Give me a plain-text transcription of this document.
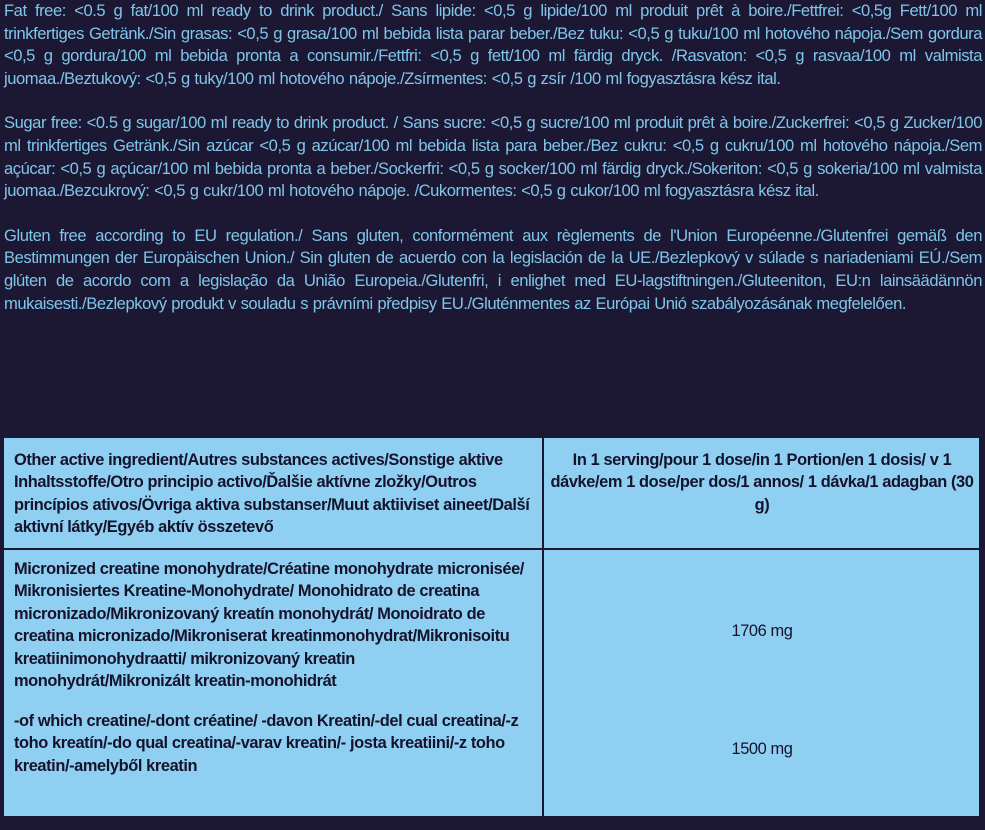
Fat free: <0.5 g fat/100 ml ready to drink product./ Sans lipide: <0,5 g lipide/100 ml produit prêt à boire./Fettfrei: <0,5g Fett/100 ml trinkfertiges Getränk./Sin grasas: <0,5 g grasa/100 ml bebida lista parar beber./Bez tuku: <0,5 g tuku/100 ml hotového nápoja./Sem gordura <0,5 g gordura/100 ml bebida pronta a consumir./Fettfri: <0,5 g fett/100 ml färdig dryck. /Rasvaton: <0,5 g rasvaa/100 ml valmista juomaa./Beztukový: <0,5 g tuky/100 ml hotového nápoje./Zsírmentes: <0,5 g zsír /100 ml fogyasztásra kész ital.

Sugar free: <0.5 g sugar/100 ml ready to drink product. / Sans sucre: <0,5 g sucre/100 ml produit prêt à boire./Zuckerfrei: <0,5 g Zucker/100 ml trinkfertiges Getränk./Sin azúcar <0,5 g azúcar/100 ml bebida lista para beber./Bez cukru: <0,5 g cukru/100 ml hotového nápoja./Sem açúcar: <0,5 g açúcar/100 ml bebida pronta a beber./Sockerfri: <0,5 g socker/100 ml färdig dryck./Sokeriton: <0,5 g sokeria/100 ml valmista juomaa./Bezcukrový: <0,5 g cukr/100 ml hotového nápoje. /Cukormentes: <0,5 g cukor/100 ml fogyasztásra kész ital.

Gluten free according to EU regulation./ Sans gluten, conformément aux règlements de l'Union Européenne./Glutenfrei gemäß den Bestimmungen der Europäischen Union./ Sin gluten de acuerdo con la legislación de la UE./Bezlepkový v súlade s nariadeniami EÚ./Sem glúten de acordo com a legislação da União Europeia./Glutenfri, i enlighet med EU-lagstiftningen./Gluteeniton, EU:n lainsäädännön mukaisesti./Bezlepkový produkt v souladu s právními předpisy EU./Gluténmentes az Európai Unió szabályozásának megfelelően.

Other active ingredient/Autres substances actives/Sonstige aktive Inhaltsstoffe/Otro principio activo/Ďalšie aktívne zložky/Outros princípios ativos/Övriga aktiva substanser/Muut aktiiviset aineet/Další aktivní látky/Egyéb aktív összetevő
In 1 serving/pour 1 dose/in 1 Portion/en 1 dosis/ v 1 dávke/em 1 dose/per dos/1 annos/ 1 dávka/1 adagban (30 g)
Micronized creatine monohydrate/Créatine monohydrate micronisée/ Mikronisiertes Kreatine-Monohydrate/ Monohidrato de creatina micronizado/Mikronizovaný kreatín monohydrát/ Monoidrato de creatina micronizado/Mikroniserat kreatinmonohydrat/Mikronisoitu kreatiinimonohydraatti/ mikronizovaný kreatin monohydrát/Mikronizált kreatin-monohidrát
1706 mg
-of which creatine/-dont créatine/ -davon Kreatin/-del cual creatina/-z toho kreatín/-do qual creatina/-varav kreatin/- josta kreatiini/-z toho kreatin/-amelyből kreatin
1500 mg
